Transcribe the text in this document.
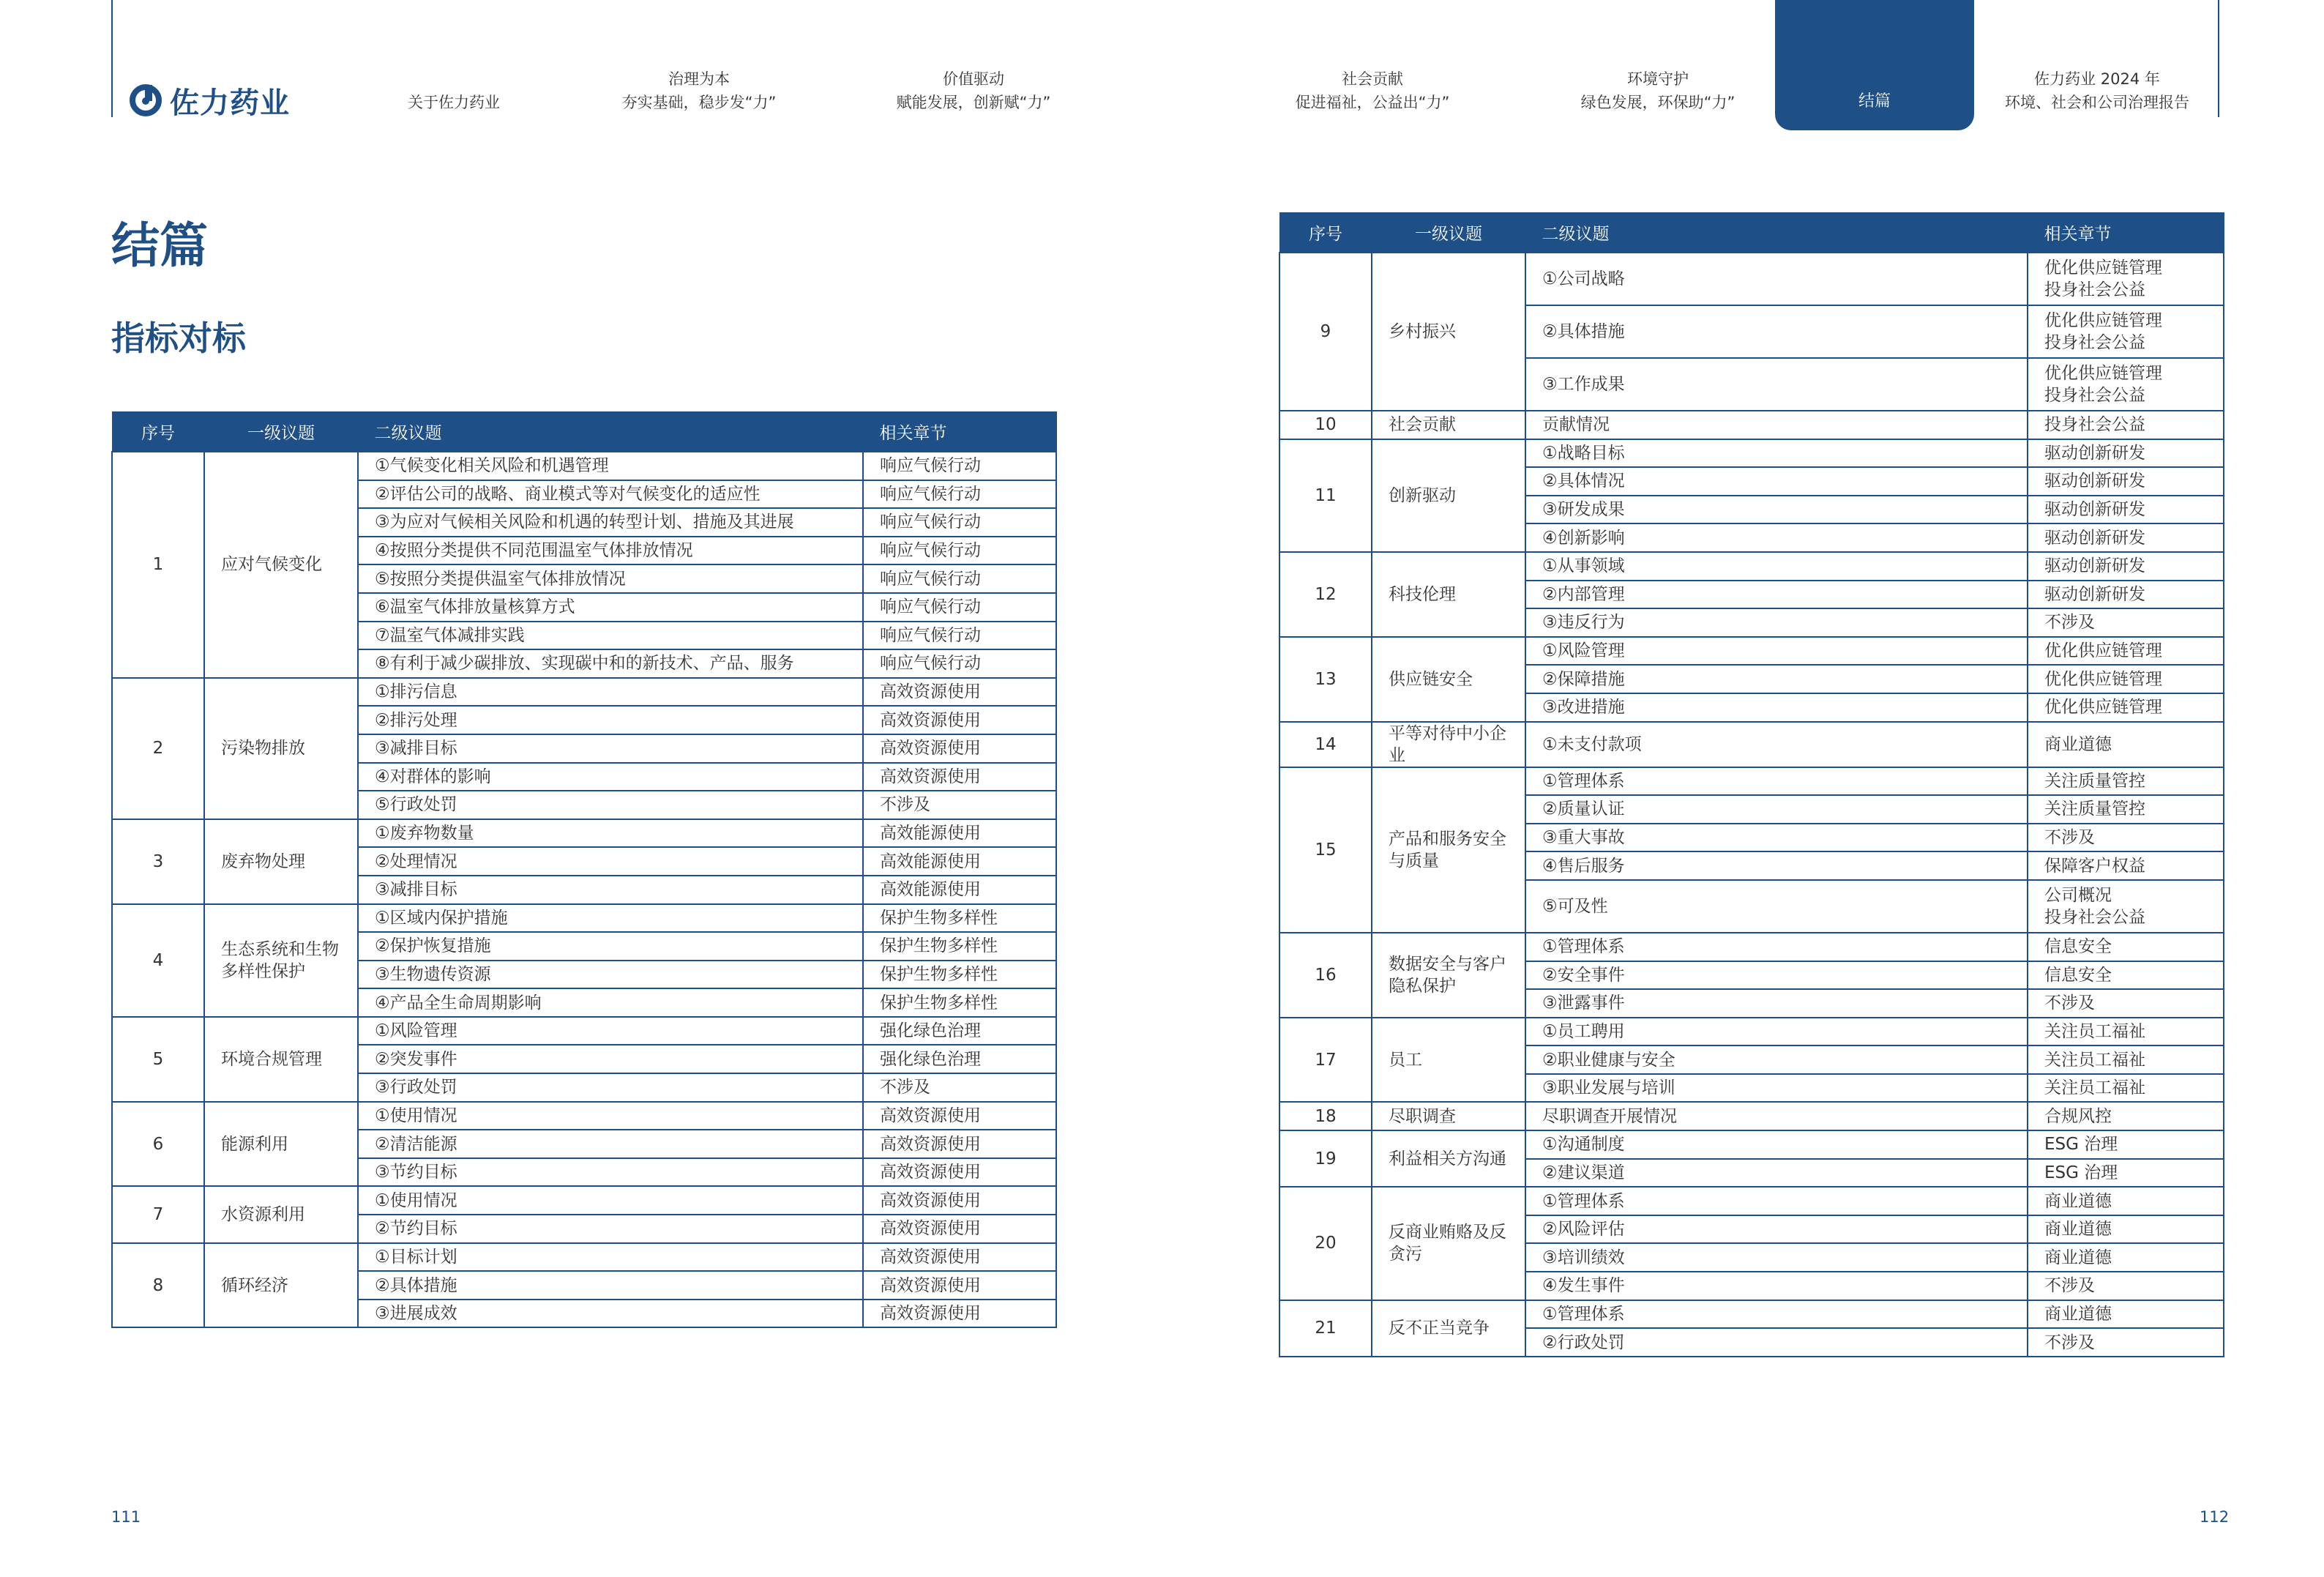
佐力药业	关于佐力药业
治理为本
夯实基础，稳步发“力”
价值驱动
赋能发展，创新赋“力”
社会贡献
促进福祉，公益出“力”
环境守护
绿色发展，环保助“力”	结篇
佐力药业 2024 年
环境、社会和公司治理报告
结篇
指标对标
序号	一级议题	二级议题	相关章节
1	应对气候变化	①气候变化相关风险和机遇管理	响应气候行动
		②评估公司的战略、商业模式等对气候变化的适应性	响应气候行动
		③为应对气候相关风险和机遇的转型计划、措施及其进展	响应气候行动
		④按照分类提供不同范围温室气体排放情况	响应气候行动
		⑤按照分类提供温室气体排放情况	响应气候行动
		⑥温室气体排放量核算方式	响应气候行动
		⑦温室气体减排实践	响应气候行动
		⑧有利于减少碳排放、实现碳中和的新技术、产品、服务	响应气候行动
2	污染物排放	①排污信息	高效资源使用
		②排污处理	高效资源使用
		③减排目标	高效资源使用
		④对群体的影响	高效资源使用
		⑤行政处罚	不涉及
3	废弃物处理	①废弃物数量	高效能源使用
		②处理情况	高效能源使用
		③减排目标	高效能源使用
4	生态系统和生物多样性保护	①区域内保护措施	保护生物多样性
		②保护恢复措施	保护生物多样性
		③生物遗传资源	保护生物多样性
		④产品全生命周期影响	保护生物多样性
5	环境合规管理	①风险管理	强化绿色治理
		②突发事件	强化绿色治理
		③行政处罚	不涉及
6	能源利用	①使用情况	高效资源使用
		②清洁能源	高效资源使用
		③节约目标	高效资源使用
7	水资源利用	①使用情况	高效资源使用
		②节约目标	高效资源使用
8	循环经济	①目标计划	高效资源使用
		②具体措施	高效资源使用
		③进展成效	高效资源使用
序号	一级议题	二级议题	相关章节
9	乡村振兴	①公司战略	优化供应链管理
投身社会公益
		②具体措施	优化供应链管理
投身社会公益
		③工作成果	优化供应链管理
投身社会公益
10	社会贡献	贡献情况	投身社会公益
11	创新驱动	①战略目标	驱动创新研发
		②具体情况	驱动创新研发
		③研发成果	驱动创新研发
		④创新影响	驱动创新研发
12	科技伦理	①从事领域	驱动创新研发
		②内部管理	驱动创新研发
		③违反行为	不涉及
13	供应链安全	①风险管理	优化供应链管理
		②保障措施	优化供应链管理
		③改进措施	优化供应链管理
14	平等对待中小企业	①未支付款项	商业道德
15	产品和服务安全与质量	①管理体系	关注质量管控
		②质量认证	关注质量管控
		③重大事故	不涉及
		④售后服务	保障客户权益
		⑤可及性	公司概况
投身社会公益
16	数据安全与客户隐私保护	①管理体系	信息安全
		②安全事件	信息安全
		③泄露事件	不涉及
17	员工	①员工聘用	关注员工福祉
		②职业健康与安全	关注员工福祉
		③职业发展与培训	关注员工福祉
18	尽职调查	尽职调查开展情况	合规风控
19	利益相关方沟通	①沟通制度	ESG 治理
		②建议渠道	ESG 治理
20	反商业贿赂及反贪污	①管理体系	商业道德
		②风险评估	商业道德
		③培训绩效	商业道德
		④发生事件	不涉及
21	反不正当竞争	①管理体系	商业道德
		②行政处罚	不涉及
111	112
